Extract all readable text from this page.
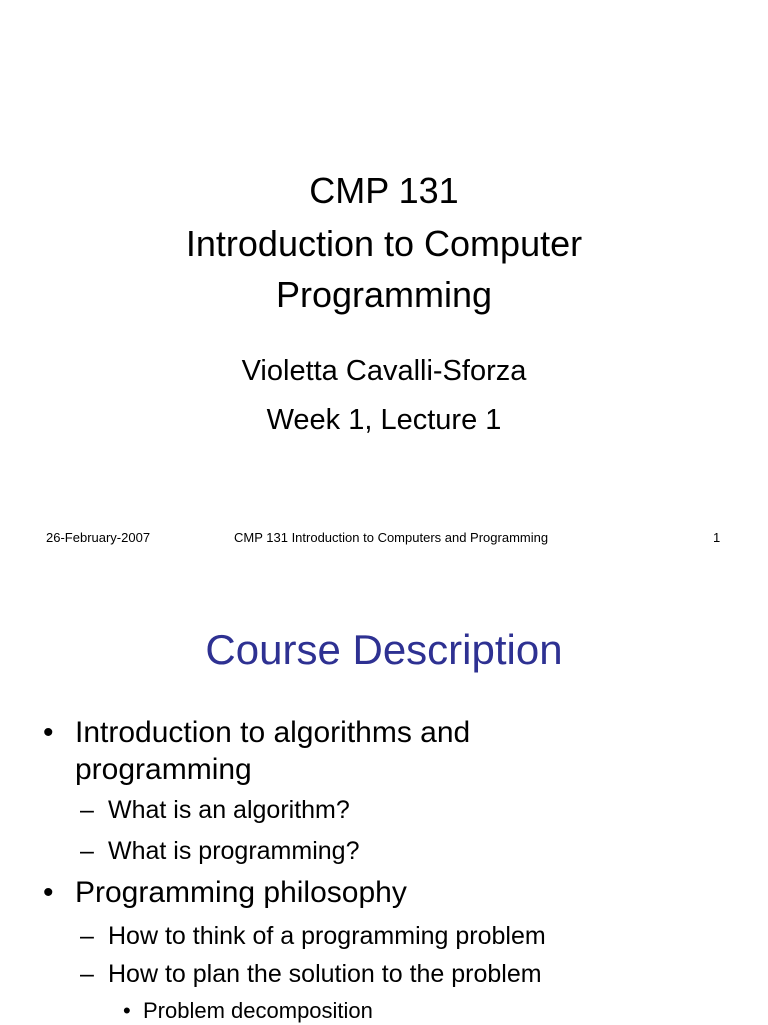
CMP 131
Introduction to Computer
Programming
Violetta Cavalli-Sforza
Week 1, Lecture 1
26-February-2007	CMP 131 Introduction to Computers and Programming	1
Course Description
• Introduction to algorithms and
programming
– What is an algorithm?
– What is programming?
• Programming philosophy
– How to think of a programming problem
– How to plan the solution to the problem
• Problem decomposition
